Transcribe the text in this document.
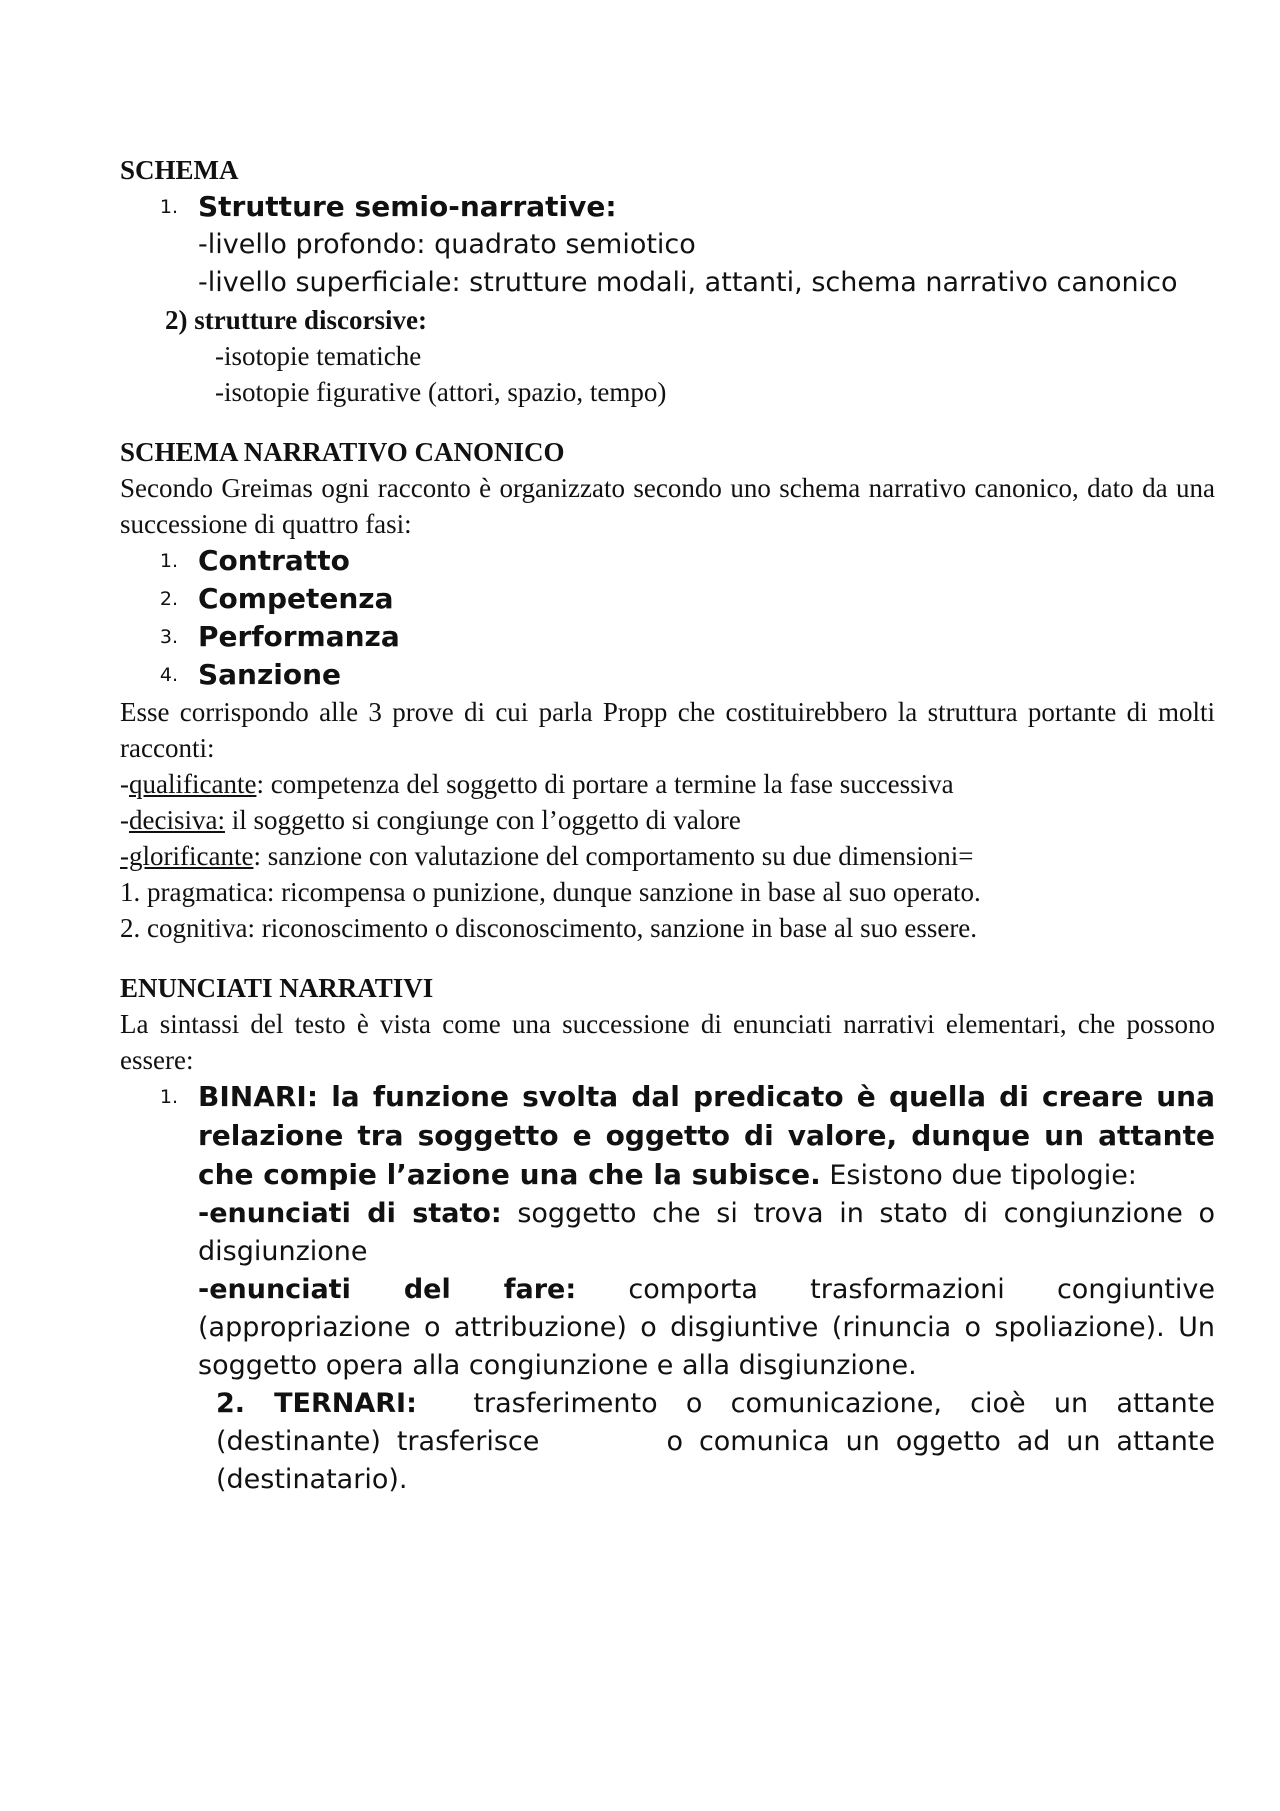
SCHEMA
1. Strutture semio-narrative:
-livello profondo: quadrato semiotico
-livello superficiale: strutture modali, attanti, schema narrativo canonico
2) strutture discorsive:
-isotopie tematiche
-isotopie figurative (attori, spazio, tempo)
SCHEMA NARRATIVO CANONICO
Secondo Greimas ogni racconto è organizzato secondo uno schema narrativo canonico, dato da una successione di quattro fasi:
1. Contratto
2. Competenza
3. Performanza
4. Sanzione
Esse corrispondo alle 3 prove di cui parla Propp che costituirebbero la struttura portante di molti racconti:
-qualificante: competenza del soggetto di portare a termine la fase successiva
-decisiva: il soggetto si congiunge con l’oggetto di valore
-glorificante: sanzione con valutazione del comportamento su due dimensioni=
1. pragmatica: ricompensa o punizione, dunque sanzione in base al suo operato.
2. cognitiva: riconoscimento o disconoscimento, sanzione in base al suo essere.
ENUNCIATI NARRATIVI
La sintassi del testo è vista come una successione di enunciati narrativi elementari, che possono essere:
1. BINARI: la funzione svolta dal predicato è quella di creare una relazione tra soggetto e oggetto di valore, dunque un attante che compie l’azione una che la subisce. Esistono due tipologie:
-enunciati di stato: soggetto che si trova in stato di congiunzione o disgiunzione
-enunciati del fare: comporta trasformazioni congiuntive (appropriazione o attribuzione) o disgiuntive (rinuncia o spoliazione). Un soggetto opera alla congiunzione e alla disgiunzione.
2. TERNARI:  trasferimento o comunicazione, cioè un attante (destinante) trasferisce        o comunica un oggetto ad un attante (destinatario).
